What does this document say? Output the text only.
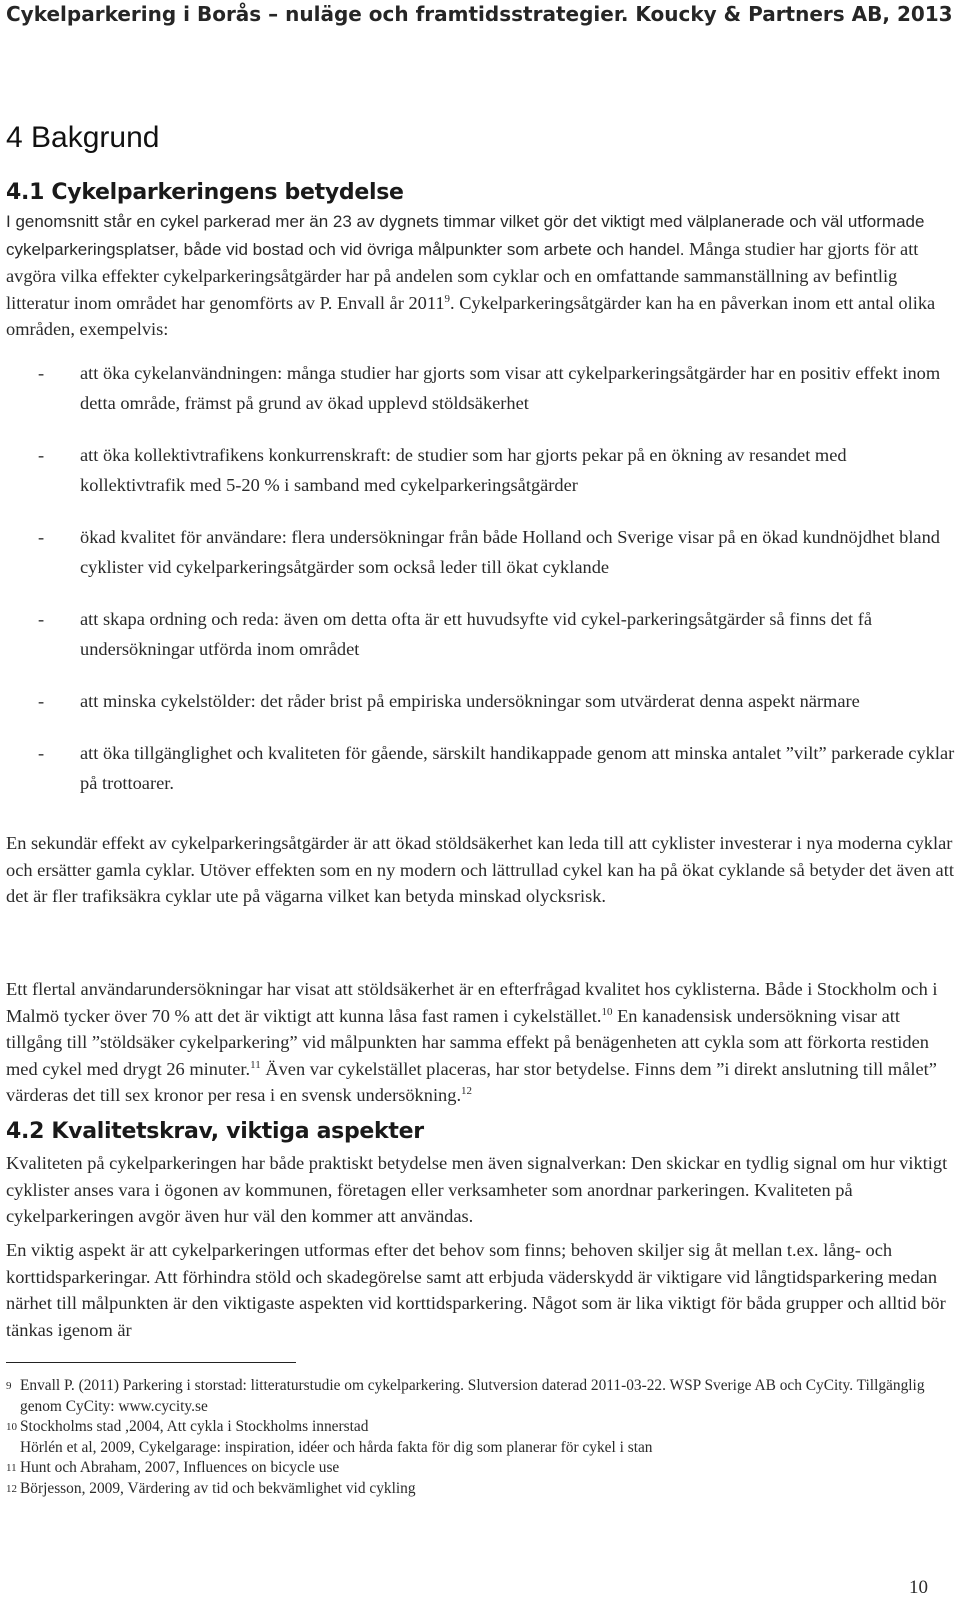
Cykelparkering i Borås – nuläge och framtidsstrategier. Koucky & Partners AB, 2013
4 Bakgrund
4.1 Cykelparkeringens betydelse
I genomsnitt står en cykel parkerad mer än 23 av dygnets timmar vilket gör det viktigt med välplanerade och väl utformade cykelparkeringsplatser, både vid bostad och vid övriga målpunkter som arbete och handel. Många studier har gjorts för att avgöra vilka effekter cykelparkeringsåtgärder har på andelen som cyklar och en omfattande sammanställning av befintlig litteratur inom området har genomförts av P. Envall år 2011$^9$. Cykelparkeringsåtgärder kan ha en påverkan inom ett antal olika områden, exempelvis:
- att öka cykelanvändningen: många studier har gjorts som visar att cykelparkeringsåtgärder har en positiv effekt inom detta område, främst på grund av ökad upplevd stöldsäkerhet
- att öka kollektivtrafikens konkurrenskraft: de studier som har gjorts pekar på en ökning av resandet med kollektivtrafik med 5-20 % i samband med cykelparkeringsåtgärder
- ökad kvalitet för användare: flera undersökningar från både Holland och Sverige visar på en ökad kundnöjdhet bland cyklister vid cykelparkeringsåtgärder som också leder till ökat cyklande
- att skapa ordning och reda: även om detta ofta är ett huvudsyfte vid cykel-parkeringsåtgärder så finns det få undersökningar utförda inom området
- att minska cykelstölder: det råder brist på empiriska undersökningar som utvärderat denna aspekt närmare
- att öka tillgänglighet och kvaliteten för gående, särskilt handikappade genom att minska antalet ”vilt” parkerade cyklar på trottoarer.
En sekundär effekt av cykelparkeringsåtgärder är att ökad stöldsäkerhet kan leda till att cyklister investerar i nya moderna cyklar och ersätter gamla cyklar. Utöver effekten som en ny modern och lättrullad cykel kan ha på ökat cyklande så betyder det även att det är fler trafiksäkra cyklar ute på vägarna vilket kan betyda minskad olycksrisk.
Ett flertal användarundersökningar har visat att stöldsäkerhet är en efterfrågad kvalitet hos cyklisterna. Både i Stockholm och i Malmö tycker över 70 % att det är viktigt att kunna låsa fast ramen i cykelstället.$^{10}$ En kanadensisk undersökning visar att tillgång till ”stöldsäker cykelparkering” vid målpunkten har samma effekt på benägenheten att cykla som att förkorta restiden med cykel med drygt 26 minuter.$^{11}$ Även var cykelstället placeras, har stor betydelse. Finns dem ”i direkt anslutning till målet” värderas det till sex kronor per resa i en svensk undersökning.$^{12}$
4.2 Kvalitetskrav, viktiga aspekter
Kvaliteten på cykelparkeringen har både praktiskt betydelse men även signalverkan: Den skickar en tydlig signal om hur viktigt cyklister anses vara i ögonen av kommunen, företagen eller verksamheter som anordnar parkeringen. Kvaliteten på cykelparkeringen avgör även hur väl den kommer att användas.
En viktig aspekt är att cykelparkeringen utformas efter det behov som finns; behoven skiljer sig åt mellan t.ex. lång- och korttidsparkeringar. Att förhindra stöld och skadegörelse samt att erbjuda väderskydd är viktigare vid långtidsparkering medan närhet till målpunkten är den viktigaste aspekten vid korttidsparkering. Något som är lika viktigt för båda grupper och alltid bör tänkas igenom är
9 Envall P. (2011) Parkering i storstad: litteraturstudie om cykelparkering. Slutversion daterad 2011-03-22. WSP Sverige AB och CyCity. Tillgänglig genom CyCity: www.cycity.se
10 Stockholms stad ,2004, Att cykla i Stockholms innerstad
Hörlén et al, 2009, Cykelgarage: inspiration, idéer och hårda fakta för dig som planerar för cykel i stan
11 Hunt och Abraham, 2007, Influences on bicycle use
12 Börjesson, 2009, Värdering av tid och bekvämlighet vid cykling
10
